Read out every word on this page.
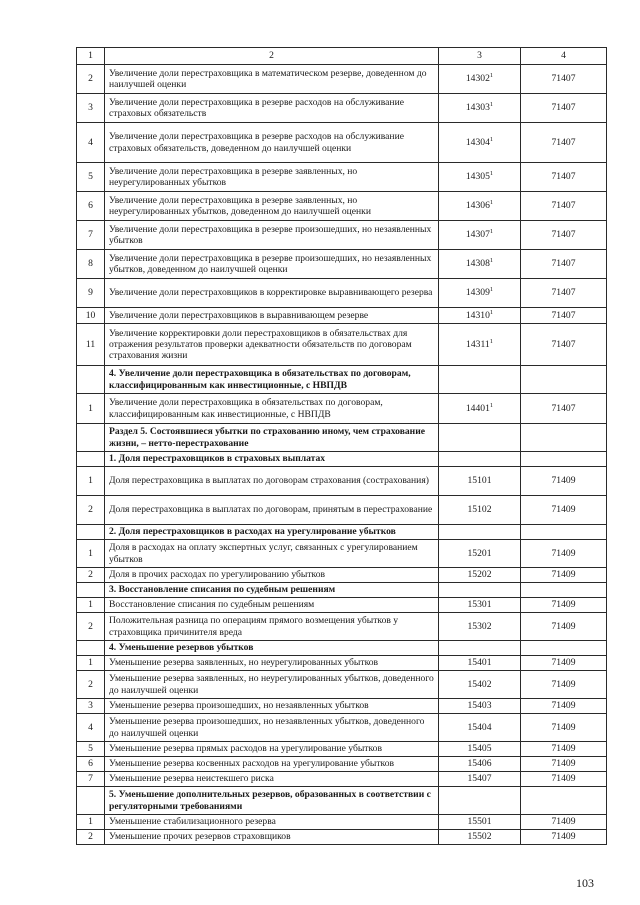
1	2	3	4
2	Увеличение доли перестраховщика в математическом резерве, доведенном до наилучшей оценки	14302$^1$	71407
3	Увеличение доли перестраховщика в резерве расходов на обслуживание страховых обязательств	14303$^1$	71407
4	Увеличение доли перестраховщика в резерве расходов на обслуживание страховых обязательств, доведенном до наилучшей оценки	14304$^1$	71407
5	Увеличение доли перестраховщика в резерве заявленных, но неурегулированных убытков	14305$^1$	71407
6	Увеличение доли перестраховщика в резерве заявленных, но неурегулированных убытков, доведенном до наилучшей оценки	14306$^1$	71407
7	Увеличение доли перестраховщика в резерве произошедших, но незаявленных убытков	14307$^1$	71407
8	Увеличение доли перестраховщика в резерве произошедших, но незаявленных убытков, доведенном до наилучшей оценки	14308$^1$	71407
9	Увеличение доли перестраховщиков в корректировке выравнивающего резерва	14309$^1$	71407
10	Увеличение доли перестраховщиков в выравнивающем резерве	14310$^1$	71407
11	Увеличение корректировки доли перестраховщиков в обязательствах для отражения результатов проверки адекватности обязательств по договорам страхования жизни	14311$^1$	71407
	4. Увеличение доли перестраховщика в обязательствах по договорам, классифицированным как инвестиционные, с НВПДВ		
1	Увеличение доли перестраховщика в обязательствах по договорам, классифицированным как инвестиционные, с НВПДВ	14401$^1$	71407
	Раздел 5. Состоявшиеся убытки по страхованию иному, чем страхование жизни, – нетто-перестрахование		
	1. Доля перестраховщиков в страховых выплатах		
1	Доля перестраховщика в выплатах по договорам страхования (сострахования)	15101	71409
2	Доля перестраховщика в выплатах по договорам, принятым в перестрахование	15102	71409
	2. Доля перестраховщиков в расходах на урегулирование убытков		
1	Доля в расходах на оплату экспертных услуг, связанных с урегулированием убытков	15201	71409
2	Доля в прочих расходах по урегулированию убытков	15202	71409
	3. Восстановление списания по судебным решениям		
1	Восстановление списания по судебным решениям	15301	71409
2	Положительная разница по операциям прямого возмещения убытков у страховщика причинителя вреда	15302	71409
	4. Уменьшение резервов убытков		
1	Уменьшение резерва заявленных, но неурегулированных убытков	15401	71409
2	Уменьшение резерва заявленных, но неурегулированных убытков, доведенного до наилучшей оценки	15402	71409
3	Уменьшение резерва произошедших, но незаявленных убытков	15403	71409
4	Уменьшение резерва произошедших, но незаявленных убытков, доведенного до наилучшей оценки	15404	71409
5	Уменьшение резерва прямых расходов на урегулирование убытков	15405	71409
6	Уменьшение резерва косвенных расходов на урегулирование убытков	15406	71409
7	Уменьшение резерва неистекшего риска	15407	71409
	5. Уменьшение дополнительных резервов, образованных в соответствии с регуляторными требованиями		
1	Уменьшение стабилизационного резерва	15501	71409
2	Уменьшение прочих резервов страховщиков	15502	71409
103
